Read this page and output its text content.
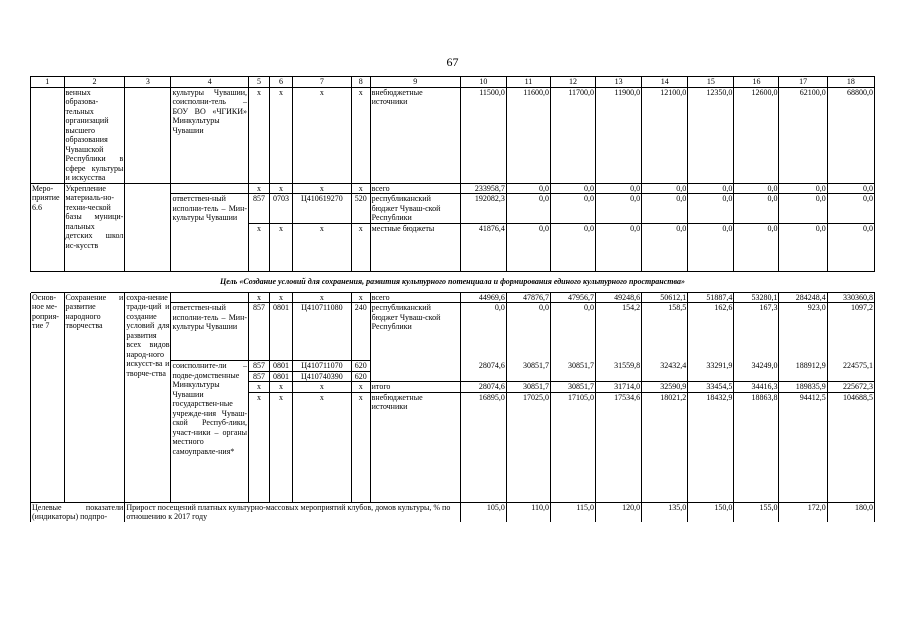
67
1	2	3	4	5	6	7	8	9	10	11	12	13	14	15	16	17	18
	венных образова-тельных организаций высшего образования Чувашской Республики в сфере культуры и искусства		культуры Чувашии, соисполни-тель – БОУ ВО «ЧГИКИ» Минкультуры Чувашии	x	x	x	x	внебюджетные источники	11500,0	11600,0	11700,0	11900,0	12100,0	12350,0	12600,0	62100,0	68800,0

Меро-приятие 6.6	Укрепление материаль-но-техни-ческой базы муници-пальных детских школ ис-кусств			x	x	x	x	всего	233958,7	0,0	0,0	0,0	0,0	0,0	0,0	0,0	0,0
			ответствен-ный исполни-тель – Мин-культуры Чувашии	857	0703	Ц410619270	520	республиканский бюджет Чуваш-ской Республики	192082,3	0,0	0,0	0,0	0,0	0,0	0,0	0,0	0,0
				x	x	x	x	местные бюджеты	41876,4	0,0	0,0	0,0	0,0	0,0	0,0	0,0	0,0

Цель «Создание условий для сохранения, развития культурного потенциала и формирования единого культурного пространства»																	

Основ-ное ме-роприя-тие 7	Сохранение и развитие народного творчества	сохра-нение тради-ций и создание условий для развития всех видов народ-ного искусст-ва и творче-ства		x	x	x	x	всего	44969,6	47876,7	47956,7	49248,6	50612,1	51887,4	53280,1	284248,4	330360,8
			ответствен-ный исполни-тель – Мин-культуры Чувашии	857	0801	Ц410711080	240	республиканский бюджет Чуваш-ской Республики	0,0	0,0	0,0	154,2	158,5	162,6	167,3	923,0	1097,2
			соисполните-ли – подве-домственные Минкультуры Чувашии государствен-ные учрежде-ния Чуваш-ской Респуб-лики, участ-ники – органы местного самоуправле-ния*	857	0801	Ц410711070	620		28074,6	30851,7	30851,7	31559,8	32432,4	33291,9	34249,0	188912,9	224575,1
				857	0801	Ц410740390	620										
				x	x	x	x	итого	28074,6	30851,7	30851,7	31714,0	32590,9	33454,5	34416,3	189835,9	225672,3
				x	x	x	x	внебюджетные источники	16895,0	17025,0	17105,0	17534,6	18021,2	18432,9	18863,8	94412,5	104688,5

Целевые показатели (индикаторы) подпро-		Прирост посещений платных культурно-массовых мероприятий клубов, домов культуры, % по отношению к 2017 году							105,0	110,0	115,0	120,0	135,0	150,0	155,0	172,0	180,0
